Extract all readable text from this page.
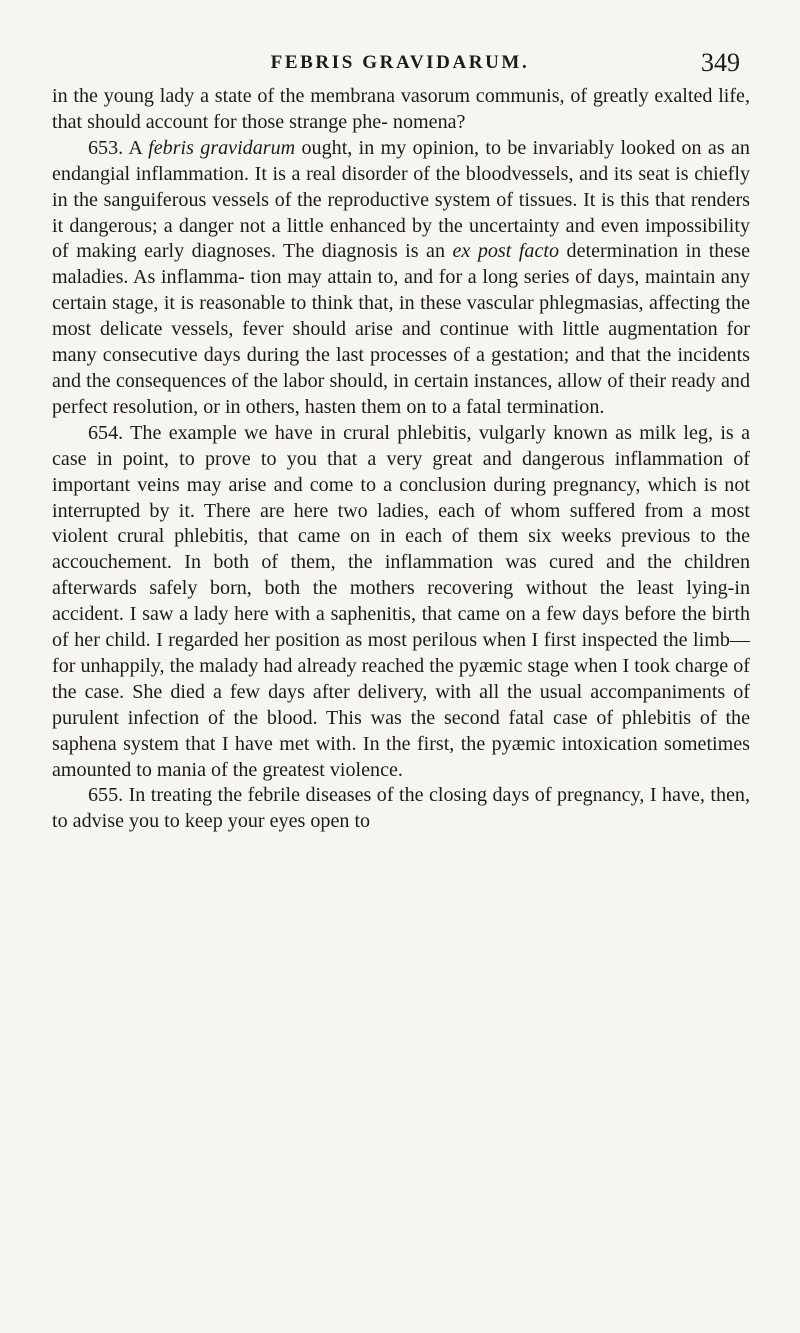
FEBRIS GRAVIDARUM.	349

in the young lady a state of the membrana vasorum communis, of greatly exalted life, that should account for those strange phe- nomena?

653. A febris gravidarum ought, in my opinion, to be invariably looked on as an endangial inflammation. It is a real disorder of the bloodvessels, and its seat is chiefly in the sanguiferous vessels of the reproductive system of tissues. It is this that renders it dangerous; a danger not a little enhanced by the uncertainty and even impossibility of making early diagnoses. The diagnosis is an ex post facto determination in these maladies. As inflamma- tion may attain to, and for a long series of days, maintain any certain stage, it is reasonable to think that, in these vascular phlegmasias, affecting the most delicate vessels, fever should arise and continue with little augmentation for many consecutive days during the last processes of a gestation; and that the incidents and the consequences of the labor should, in certain instances, allow of their ready and perfect resolution, or in others, hasten them on to a fatal termination.

654. The example we have in crural phlebitis, vulgarly known as milk leg, is a case in point, to prove to you that a very great and dangerous inflammation of important veins may arise and come to a conclusion during pregnancy, which is not interrupted by it. There are here two ladies, each of whom suffered from a most violent crural phlebitis, that came on in each of them six weeks previous to the accouchement. In both of them, the inflammation was cured and the children afterwards safely born, both the mothers recovering without the least lying-in accident. I saw a lady here with a saphenitis, that came on a few days before the birth of her child. I regarded her position as most perilous when I first inspected the limb—for unhappily, the malady had already reached the pyæmic stage when I took charge of the case. She died a few days after delivery, with all the usual accompaniments of purulent infection of the blood. This was the second fatal case of phlebitis of the saphena system that I have met with. In the first, the pyæmic intoxication sometimes amounted to mania of the greatest violence.

655. In treating the febrile diseases of the closing days of pregnancy, I have, then, to advise you to keep your eyes open to
